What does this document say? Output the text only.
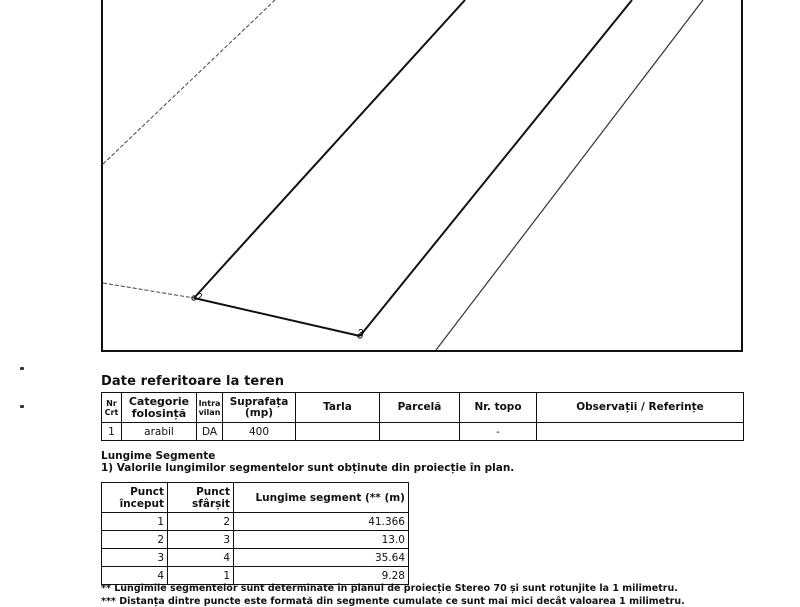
2
3
Date referitoare la teren
Nr Crt	Categorie folosință	Intra vilan	Suprafața (mp)	Tarla	Parcelă	Nr. topo	Observații / Referințe
1	arabil	DA	400			-	
Lungime Segmente
1) Valorile lungimilor segmentelor sunt obținute din proiecție în plan.
Punct început	Punct sfârșit	Lungime segment (** (m)
1	2	41.366
2	3	13.0
3	4	35.64
4	1	9.28

** Lungimile segmentelor sunt determinate în planul de proiecție Stereo 70 și sunt rotunjite la 1 milimetru.

*** Distanța dintre puncte este formată din segmente cumulate ce sunt mai mici decât valoarea 1 milimetru.
